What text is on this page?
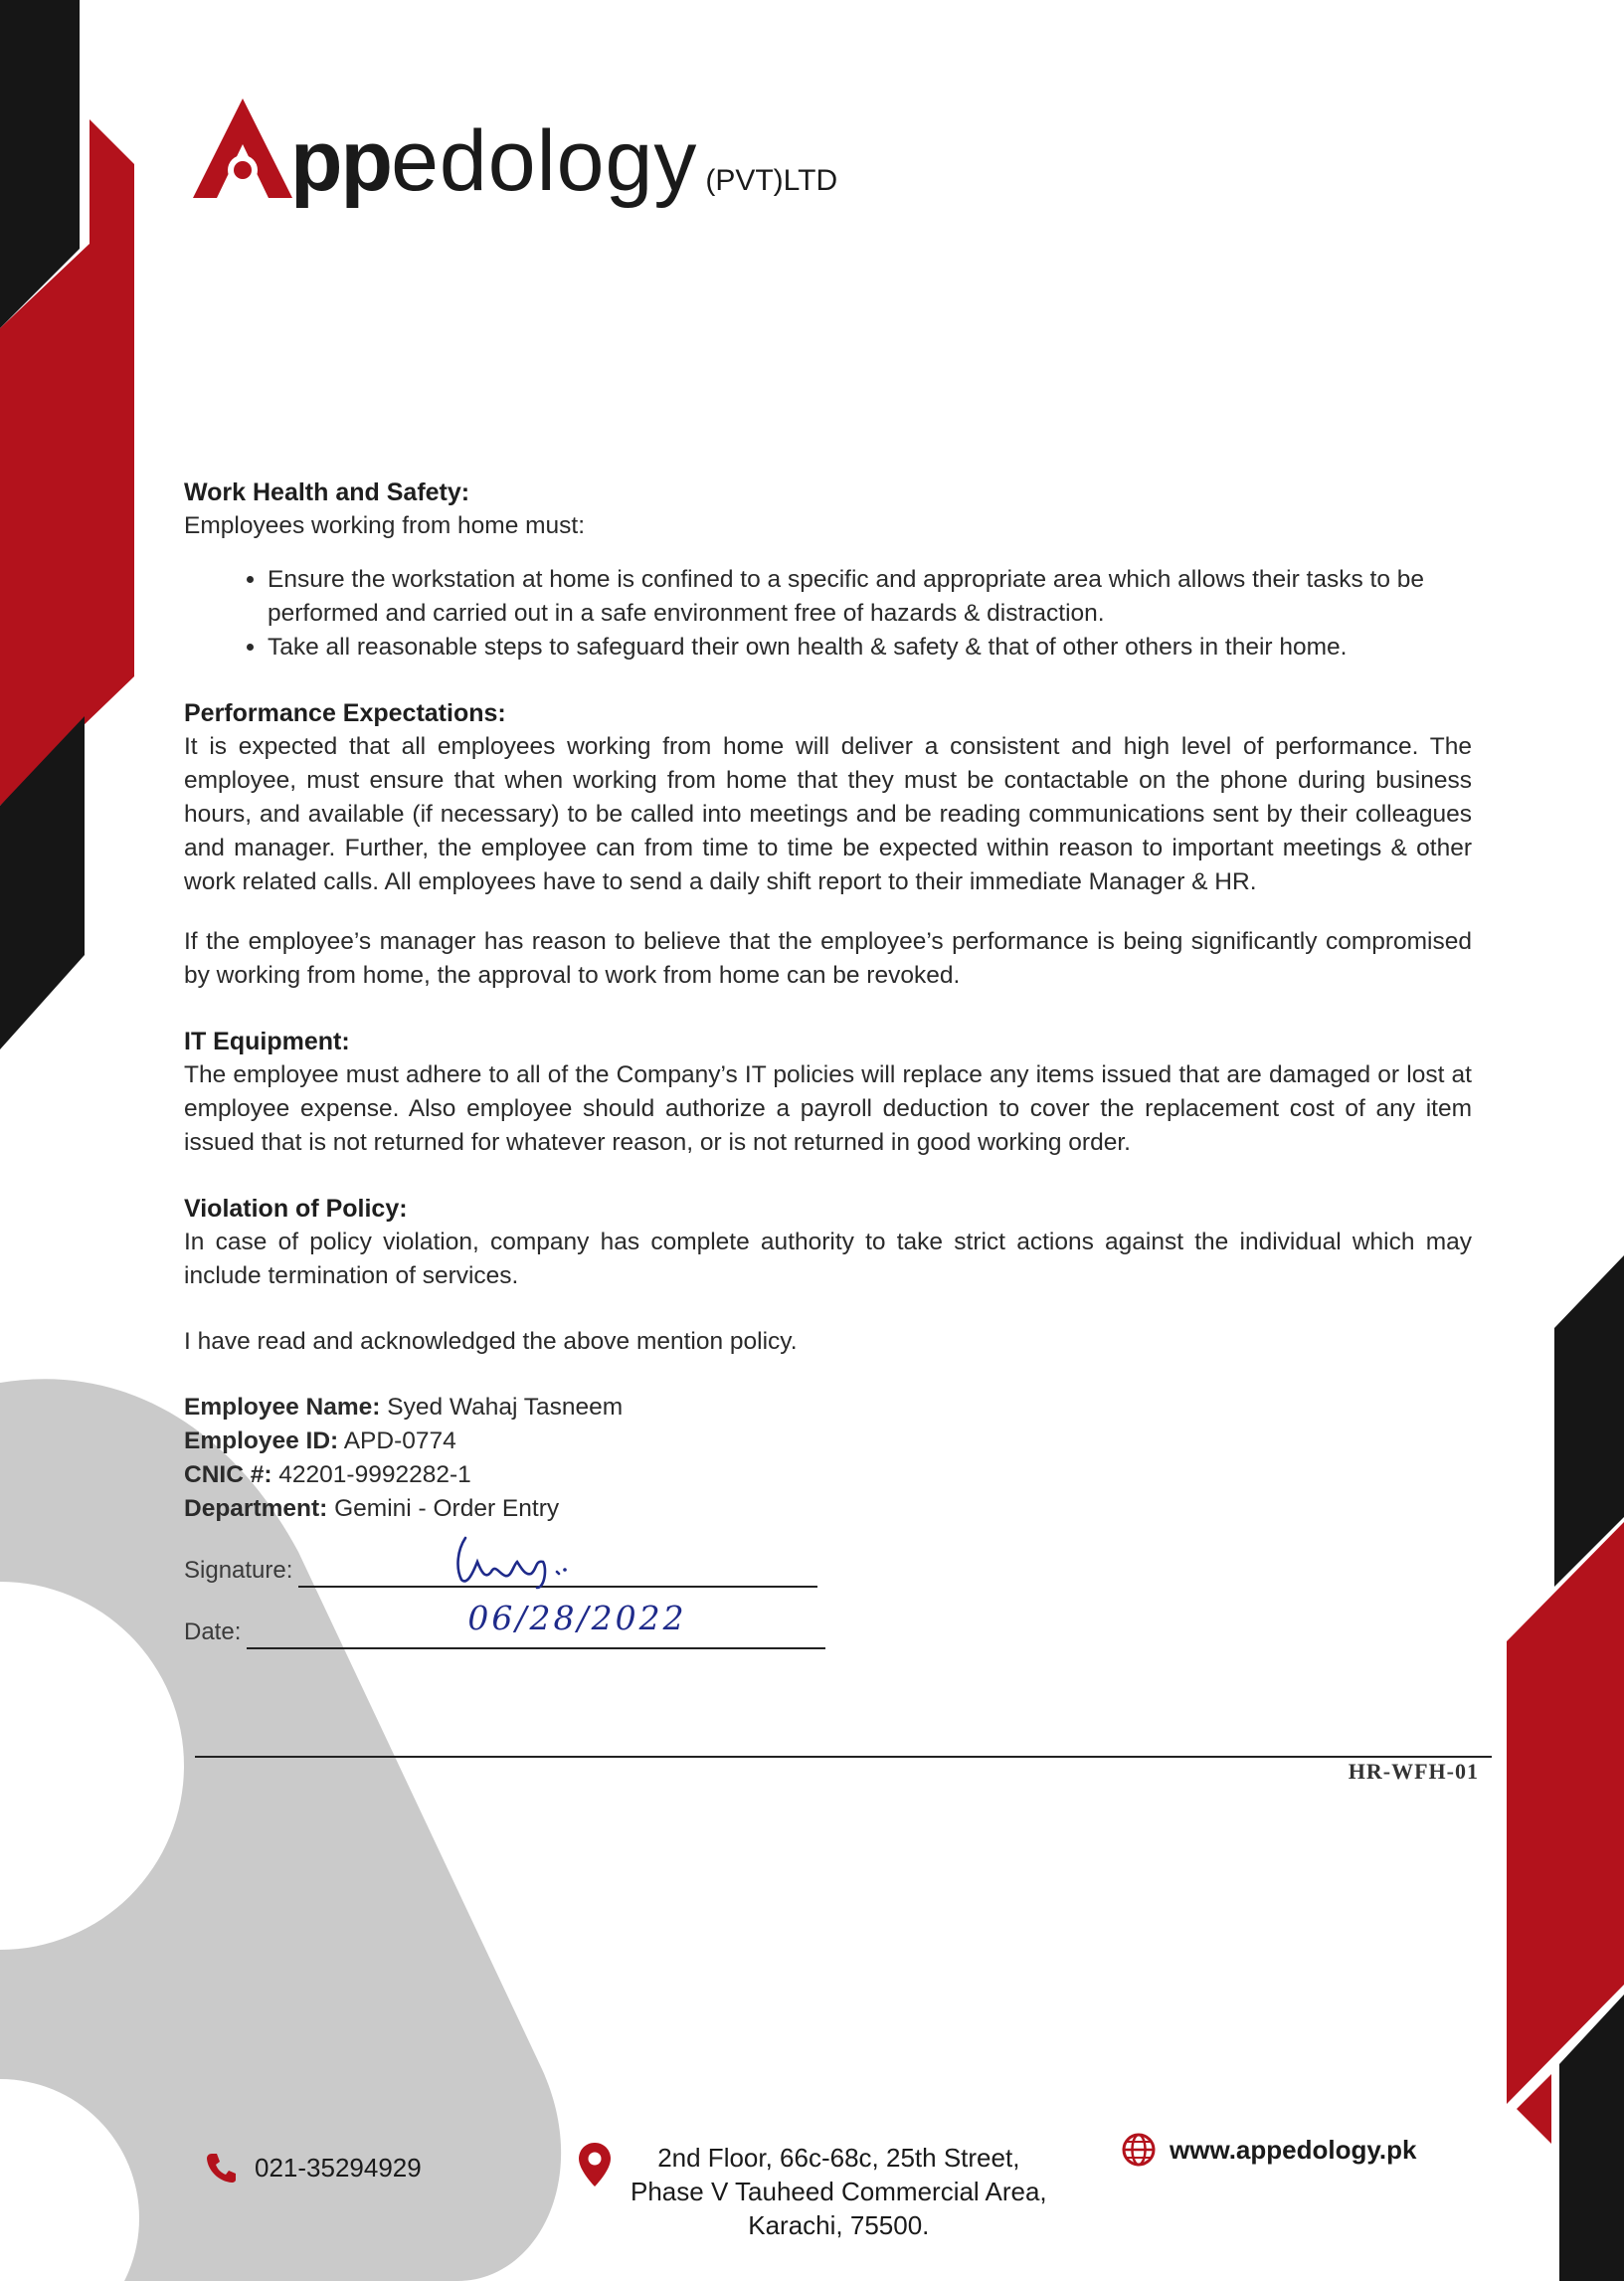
pp edology (PVT)LTD

Work Health and Safety:

Employees working from home must:

• Ensure the workstation at home is confined to a specific and appropriate area which allows their tasks to be performed and carried out in a safe environment free of hazards & distraction.
• Take all reasonable steps to safeguard their own health & safety & that of other others in their home.

Performance Expectations:

It is expected that all employees working from home will deliver a consistent and high level of performance. The employee, must ensure that when working from home that they must be contactable on the phone during business hours, and available (if necessary) to be called into meetings and be reading communications sent by their colleagues and manager. Further, the employee can from time to time be expected within reason to important meetings & other work related calls. All employees have to send a daily shift report to their immediate Manager & HR.

If the employee’s manager has reason to believe that the employee’s performance is being significantly compromised by working from home, the approval to work from home can be revoked.

IT Equipment:

The employee must adhere to all of the Company’s IT policies will replace any items issued that are damaged or lost at employee expense. Also employee should authorize a payroll deduction to cover the replacement cost of any item issued that is not returned for whatever reason, or is not returned in good working order.

Violation of Policy:

In case of policy violation, company has complete authority to take strict actions against the individual which may include termination of services.

I have read and acknowledged the above mention policy.

Employee Name: Syed Wahaj Tasneem

Employee ID: APD-0774

CNIC #: 42201-9992282-1

Department: Gemini - Order Entry

Signature:
Date:	06/28/2022
HR-WFH-01
021-35294929	2nd Floor, 66c-68c, 25th Street,
Phase V Tauheed Commercial Area,
Karachi, 75500.
www.appedology.pk
